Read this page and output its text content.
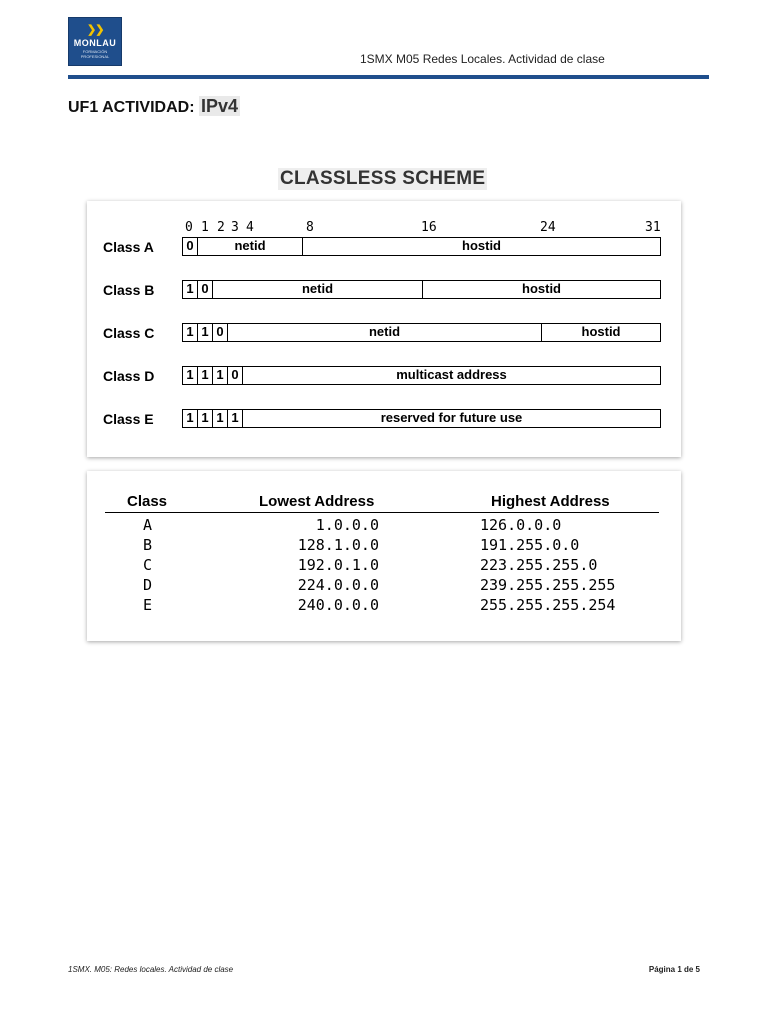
❯❯
MONLAU
FORMACIÓN PROFESIONAL	1SMX M05 Redes Locales. Actividad de clase
UF1 ACTIVIDAD: IPv4
CLASSLESS SCHEME
0 1 2 3 4	8	16	24	31
Class A	0	netid	hostid
Class B	1 0	netid	hostid
Class C	1 1 0	netid	hostid
Class D	1 1 1 0	multicast address
Class E	1 1 1 1	reserved for future use
Class	Lowest Address	Highest Address
A	1.0.0.0	126.0.0.0
B	128.1.0.0	191.255.0.0
C	192.0.1.0	223.255.255.0
D	224.0.0.0	239.255.255.255
E	240.0.0.0	255.255.255.254
1SMX. M05: Redes locales. Actividad de clase	Página 1 de 5
